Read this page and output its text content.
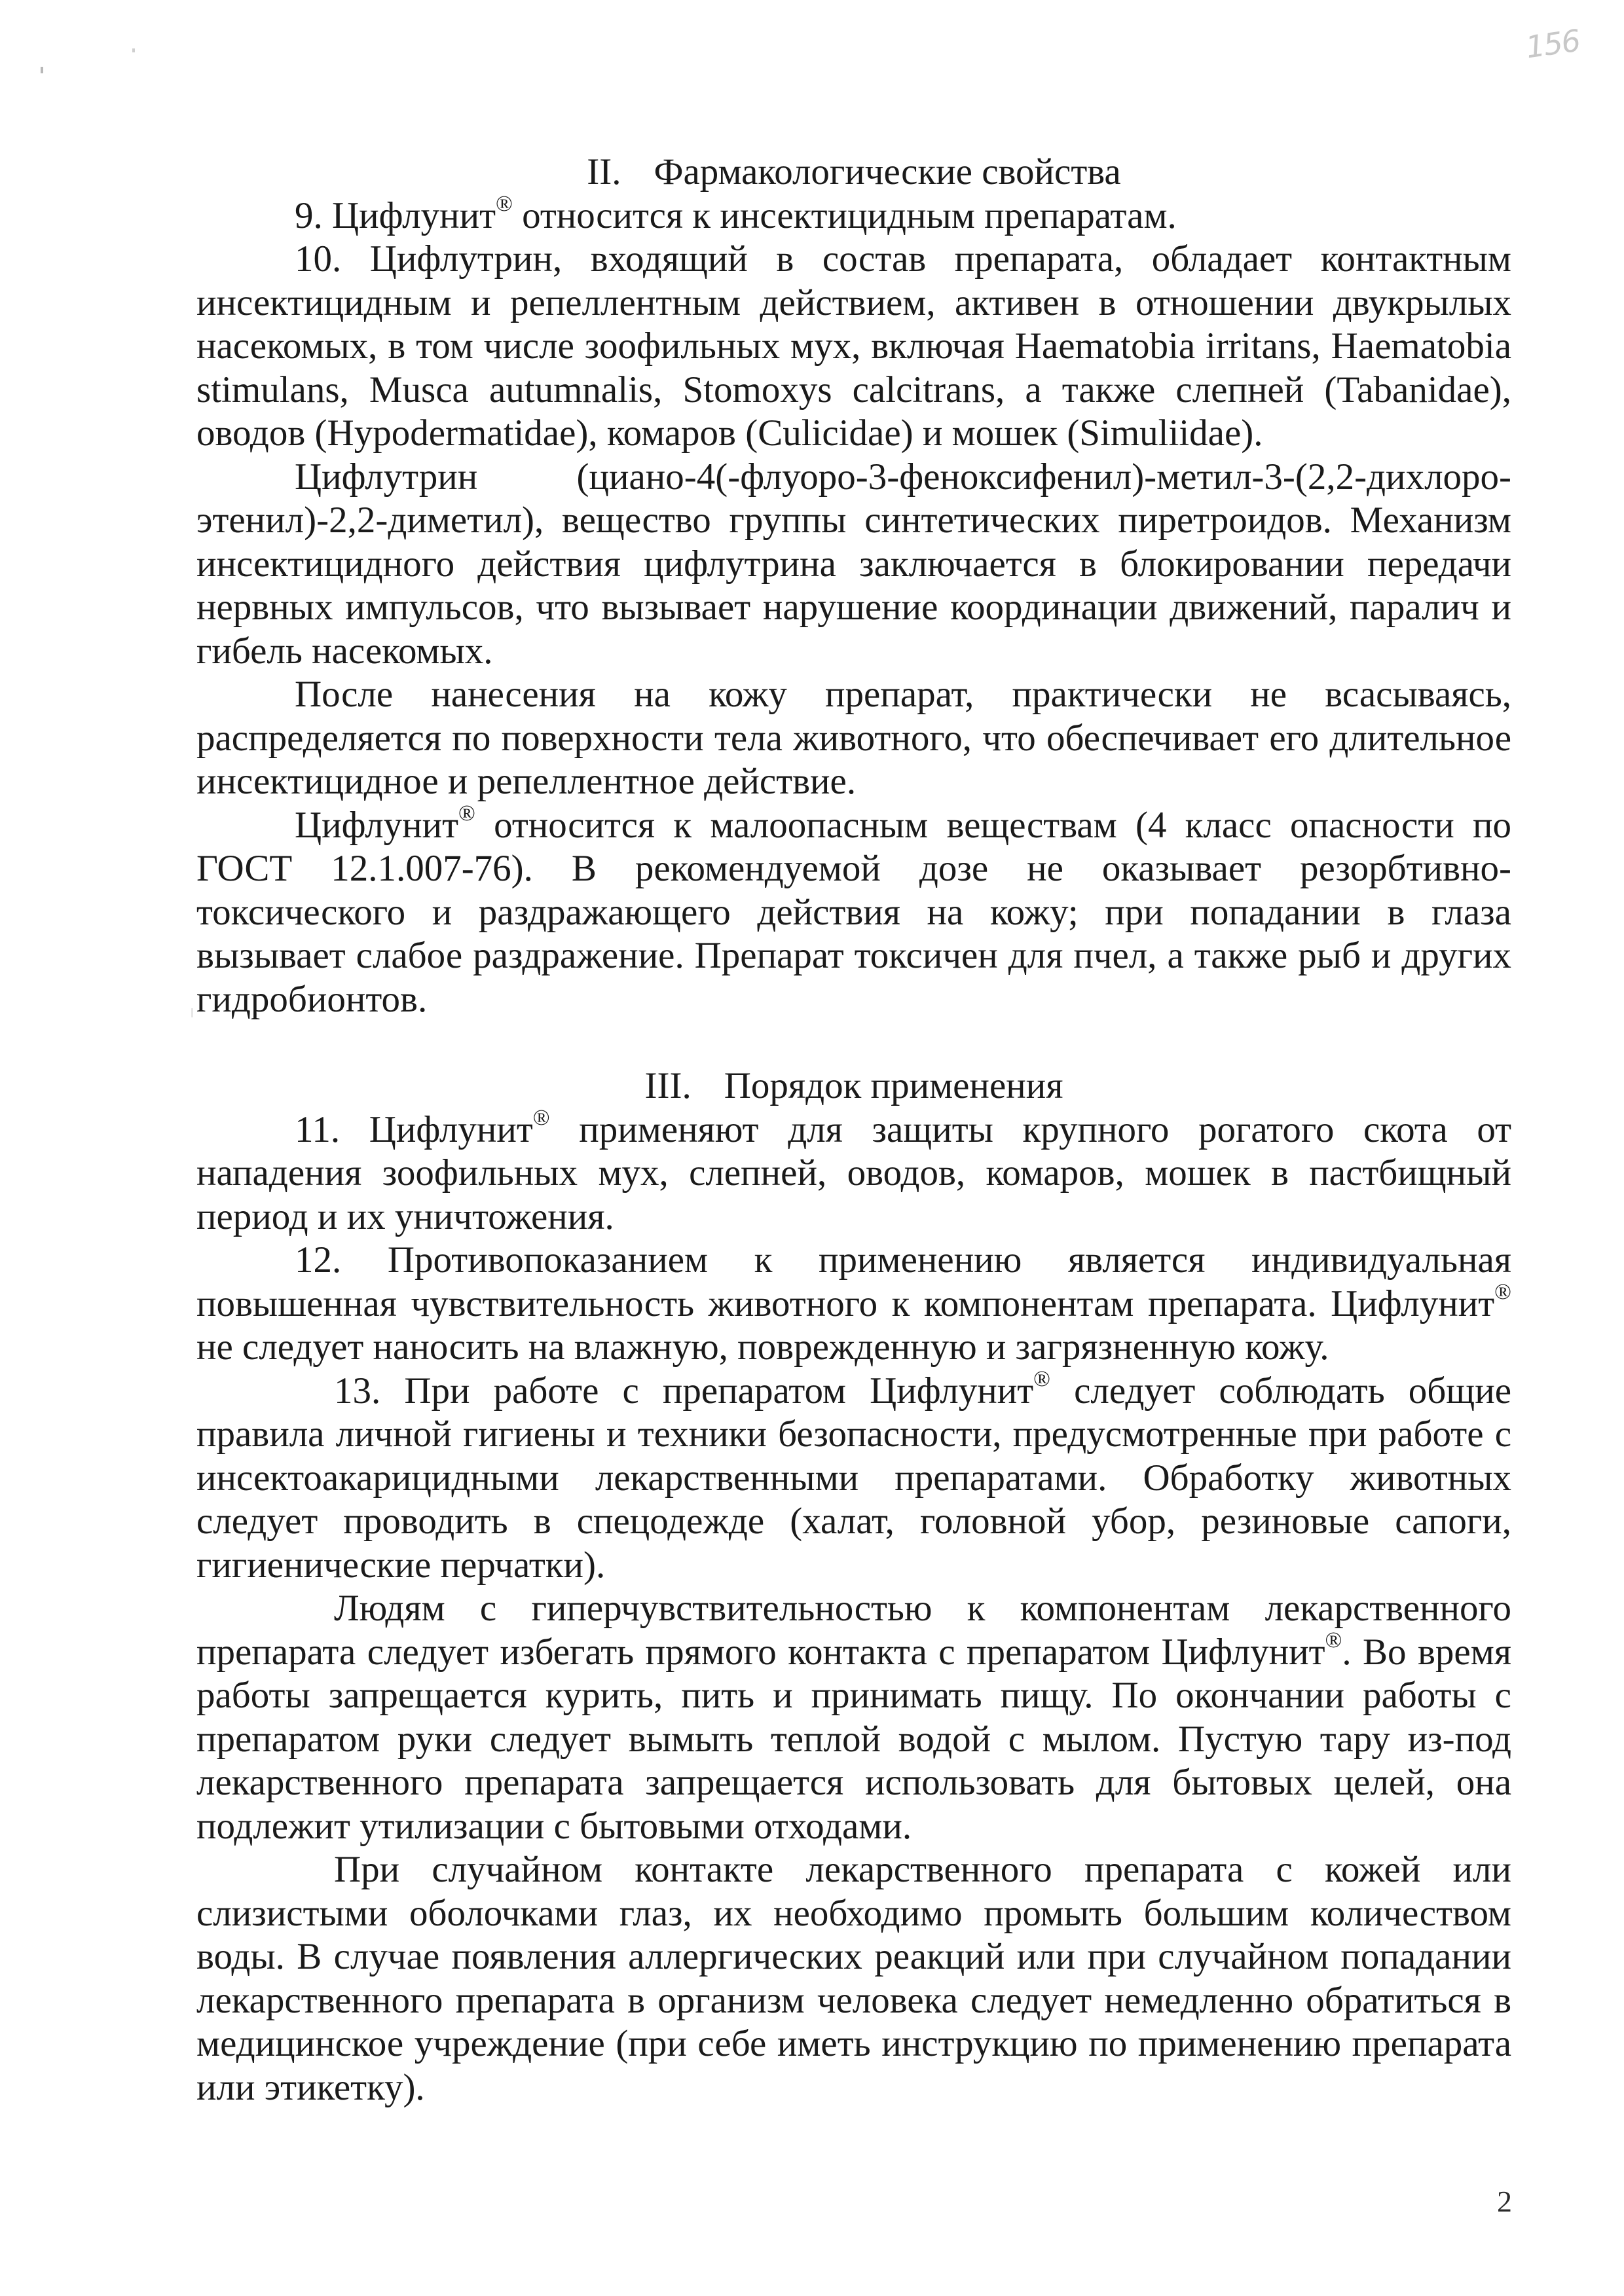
156
II. Фармакологические свойства

9. Цифлунит® относится к инсектицидным препаратам.

10. Цифлутрин, входящий в состав препарата, обладает контактным инсектицидным и репеллентным действием, активен в отношении двукрылых насекомых, в том числе зоофильных мух, включая Haematobia irritans, Haematobia stimulans, Musca autumnalis, Stomoxys calcitrans, а также слепней (Tabanidae), оводов (Hypodermatidae), комаров (Culicidae) и мошек (Simuliidae).

Цифлутрин (циано-4(-флуоро-3-феноксифенил)-метил-3-(2,2-дихлоро-этенил)-2,2-диметил), вещество группы синтетических пиретроидов. Механизм инсектицидного действия цифлутрина заключается в блокировании передачи нервных импульсов, что вызывает нарушение координации движений, паралич и гибель насекомых.

После нанесения на кожу препарат, практически не всасываясь, распределяется по поверхности тела животного, что обеспечивает его длительное инсектицидное и репеллентное действие.

Цифлунит® относится к малоопасным веществам (4 класс опасности по ГОСТ 12.1.007-76). В рекомендуемой дозе не оказывает резорбтивно-токсического и раздражающего действия на кожу; при попадании в глаза вызывает слабое раздражение. Препарат токсичен для пчел, а также рыб и других гидробионтов.

III. Порядок применения

11. Цифлунит® применяют для защиты крупного рогатого скота от нападения зоофильных мух, слепней, оводов, комаров, мошек в пастбищный период и их уничтожения.

12. Противопоказанием к применению является индивидуальная повышенная чувствительность животного к компонентам препарата. Цифлунит® не следует наносить на влажную, поврежденную и загрязненную кожу.

13. При работе с препаратом Цифлунит® следует соблюдать общие правила личной гигиены и техники безопасности, предусмотренные при работе с инсектоакарицидными лекарственными препаратами. Обработку животных следует проводить в спецодежде (халат, головной убор, резиновые сапоги, гигиенические перчатки).

Людям с гиперчувствительностью к компонентам лекарственного препарата следует избегать прямого контакта с препаратом Цифлунит®. Во время работы запрещается курить, пить и принимать пищу. По окончании работы с препаратом руки следует вымыть теплой водой с мылом. Пустую тару из-под лекарственного препарата запрещается использовать для бытовых целей, она подлежит утилизации с бытовыми отходами.

При случайном контакте лекарственного препарата с кожей или слизистыми оболочками глаз, их необходимо промыть большим количеством воды. В случае появления аллергических реакций или при случайном попадании лекарственного препарата в организм человека следует немедленно обратиться в медицинское учреждение (при себе иметь инструкцию по применению препарата или этикетку).

2
